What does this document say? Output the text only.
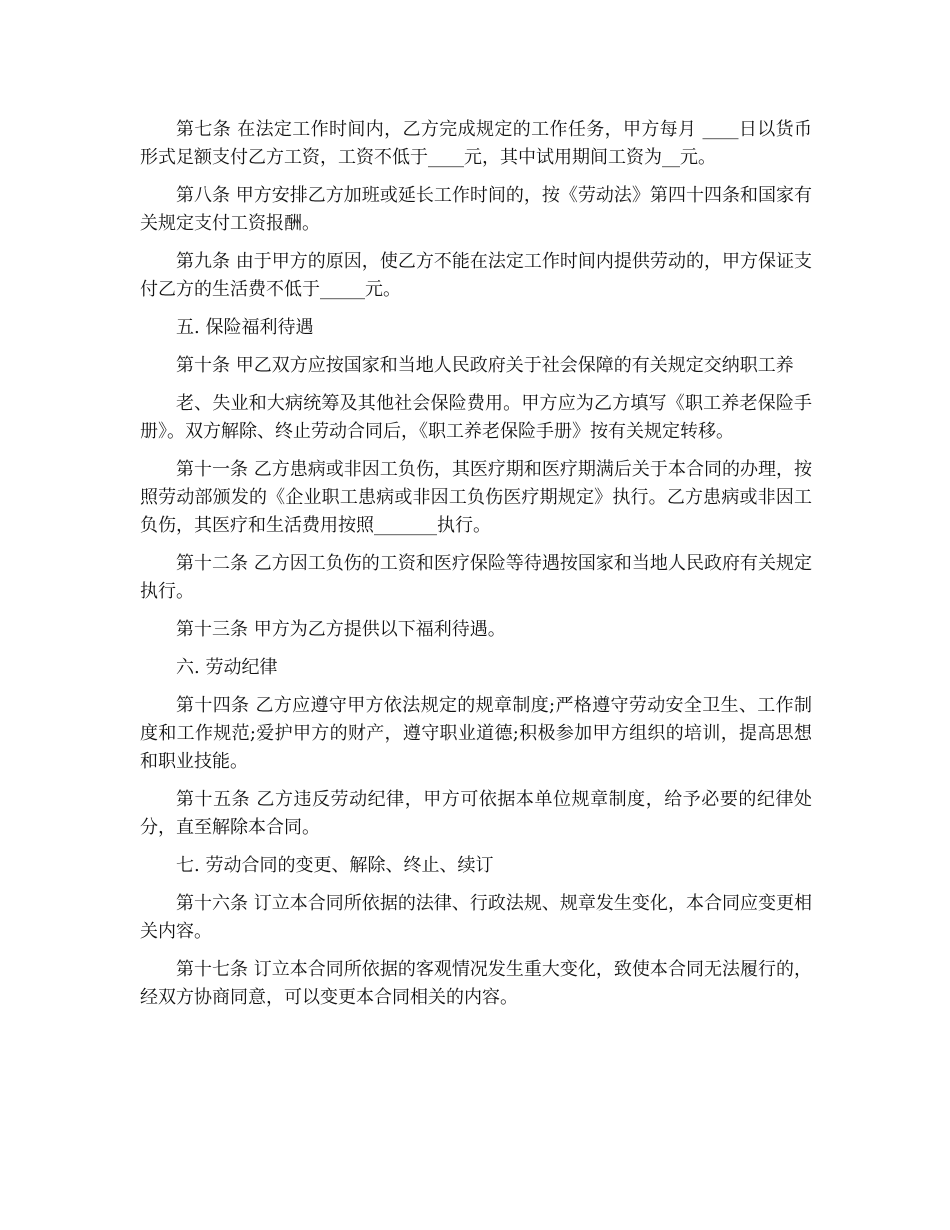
第七条 在法定工作时间内，乙方完成规定的工作任务，甲方每月 ____日以货币形式足额支付乙方工资，工资不低于____元，其中试用期间工资为__元。

第八条 甲方安排乙方加班或延长工作时间的，按《劳动法》第四十四条和国家有关规定支付工资报酬。

第九条 由于甲方的原因，使乙方不能在法定工作时间内提供劳动的，甲方保证支付乙方的生活费不低于_____元。

五. 保险福利待遇

第十条 甲乙双方应按国家和当地人民政府关于社会保障的有关规定交纳职工养

老、失业和大病统筹及其他社会保险费用。甲方应为乙方填写《职工养老保险手册》。双方解除、终止劳动合同后，《职工养老保险手册》按有关规定转移。

第十一条 乙方患病或非因工负伤，其医疗期和医疗期满后关于本合同的办理，按照劳动部颁发的《企业职工患病或非因工负伤医疗期规定》执行。乙方患病或非因工负伤，其医疗和生活费用按照_______执行。

第十二条 乙方因工负伤的工资和医疗保险等待遇按国家和当地人民政府有关规定执行。

第十三条 甲方为乙方提供以下福利待遇。

六. 劳动纪律

第十四条 乙方应遵守甲方依法规定的规章制度;严格遵守劳动安全卫生、工作制度和工作规范;爱护甲方的财产，遵守职业道德;积极参加甲方组织的培训，提高思想和职业技能。

第十五条 乙方违反劳动纪律，甲方可依据本单位规章制度，给予必要的纪律处分，直至解除本合同。

七. 劳动合同的变更、解除、终止、续订

第十六条 订立本合同所依据的法律、行政法规、规章发生变化，本合同应变更相关内容。

第十七条 订立本合同所依据的客观情况发生重大变化，致使本合同无法履行的，经双方协商同意，可以变更本合同相关的内容。
